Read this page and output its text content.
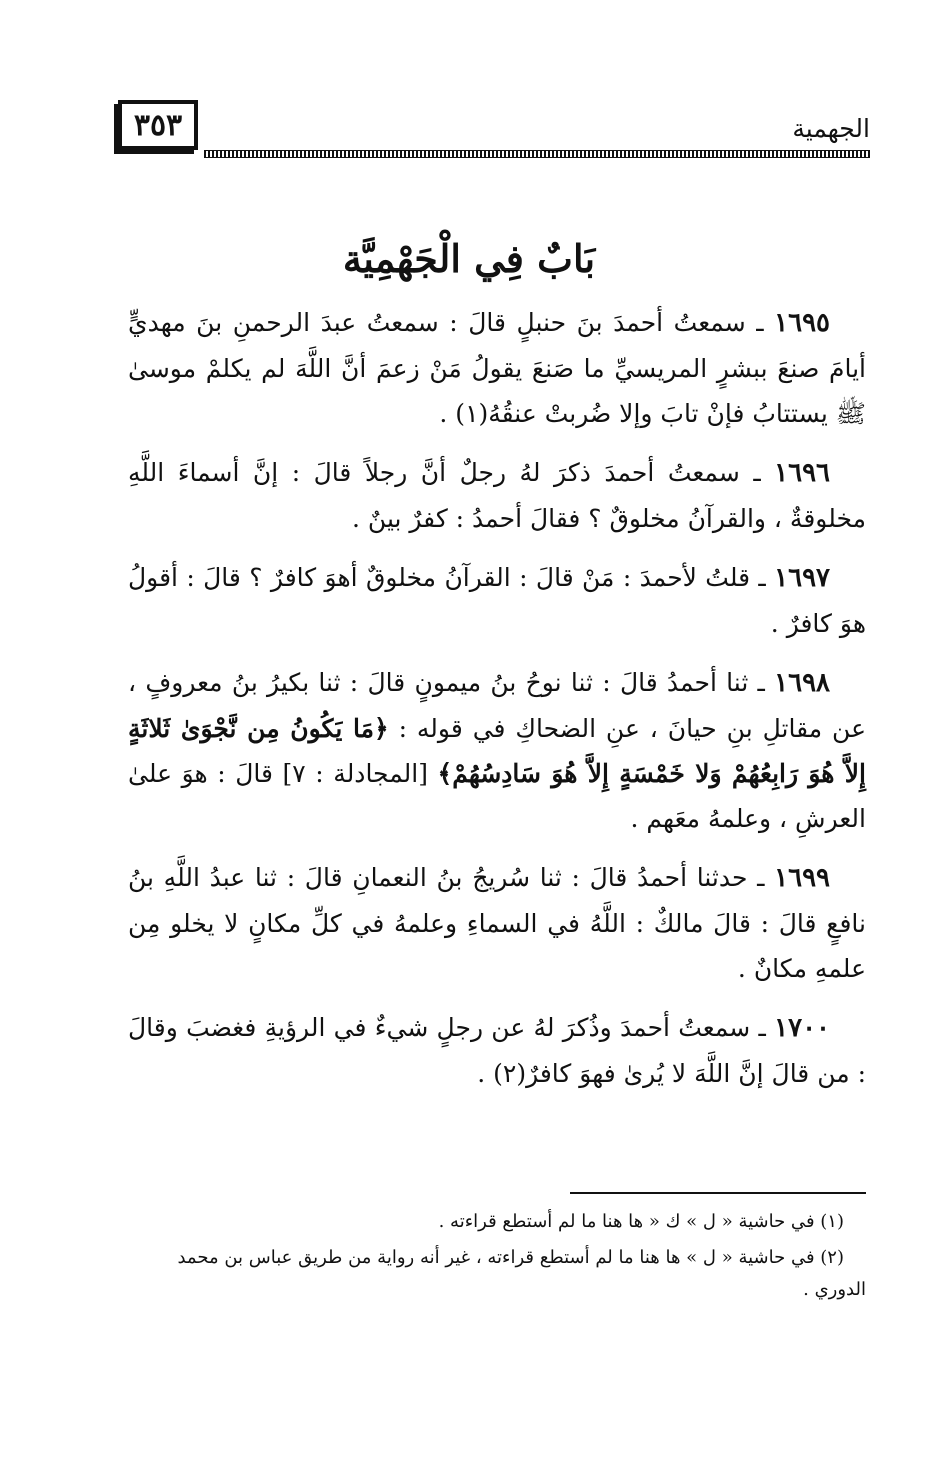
٣٥٣	الجهمية
بَابٌ فِي الْجَهْمِيَّة

١٦٩٥ ـ سمعتُ أحمدَ بنَ حنبلٍ قالَ : سمعتُ عبدَ الرحمنِ بنَ مهديٍّ أيامَ صنعَ ببشرٍ المريسيِّ ما صَنعَ يقولُ مَنْ زعمَ أنَّ اللَّهَ لم يكلمْ موسىٰ ﷺ يستتابُ فإنْ تابَ وإلا ضُربتْ عنقُهُ(١) .

١٦٩٦ ـ سمعتُ أحمدَ ذكرَ لهُ رجلٌ أنَّ رجلاً قالَ : إنَّ أسماءَ اللَّهِ مخلوقةٌ ، والقرآنُ مخلوقٌ ؟ فقالَ أحمدُ : كفرٌ بينٌ .

١٦٩٧ ـ قلتُ لأحمدَ : مَنْ قالَ : القرآنُ مخلوقٌ أهوَ كافرٌ ؟ قالَ : أقولُ هوَ كافرٌ .

١٦٩٨ ـ ثنا أحمدُ قالَ : ثنا نوحُ بنُ ميمونٍ قالَ : ثنا بكيرُ بنُ معروفٍ ، عن مقاتلِ بنِ حيانَ ، عنِ الضحاكِ في قوله : ﴿مَا يَكُونُ مِن نَّجْوَىٰ ثَلاثَةٍ إِلاَّ هُوَ رَابِعُهُمْ وَلا خَمْسَةٍ إِلاَّ هُوَ سَادِسُهُمْ﴾ [المجادلة : ٧] قالَ : هوَ علىٰ العرشِ ، وعلمهُ معَهم .

١٦٩٩ ـ حدثنا أحمدُ قالَ : ثنا سُريجُ بنُ النعمانِ قالَ : ثنا عبدُ اللَّهِ بنُ نافعٍ قالَ : قالَ مالكٌ : اللَّهُ في السماءِ وعلمهُ في كلِّ مكانٍ لا يخلو مِن علمهِ مكانٌ .

١٧٠٠ ـ سمعتُ أحمدَ وذُكرَ لهُ عن رجلٍ شيءٌ في الرؤيةِ فغضبَ وقالَ : من قالَ إنَّ اللَّهَ لا يُرىٰ فهوَ كافرٌ(٢) .

(١) في حاشية « ل » ك « ها هنا ما لم أستطع قراءته .

(٢) في حاشية « ل » ها هنا ما لم أستطع قراءته ، غير أنه رواية من طريق عباس بن محمد الدوري .
